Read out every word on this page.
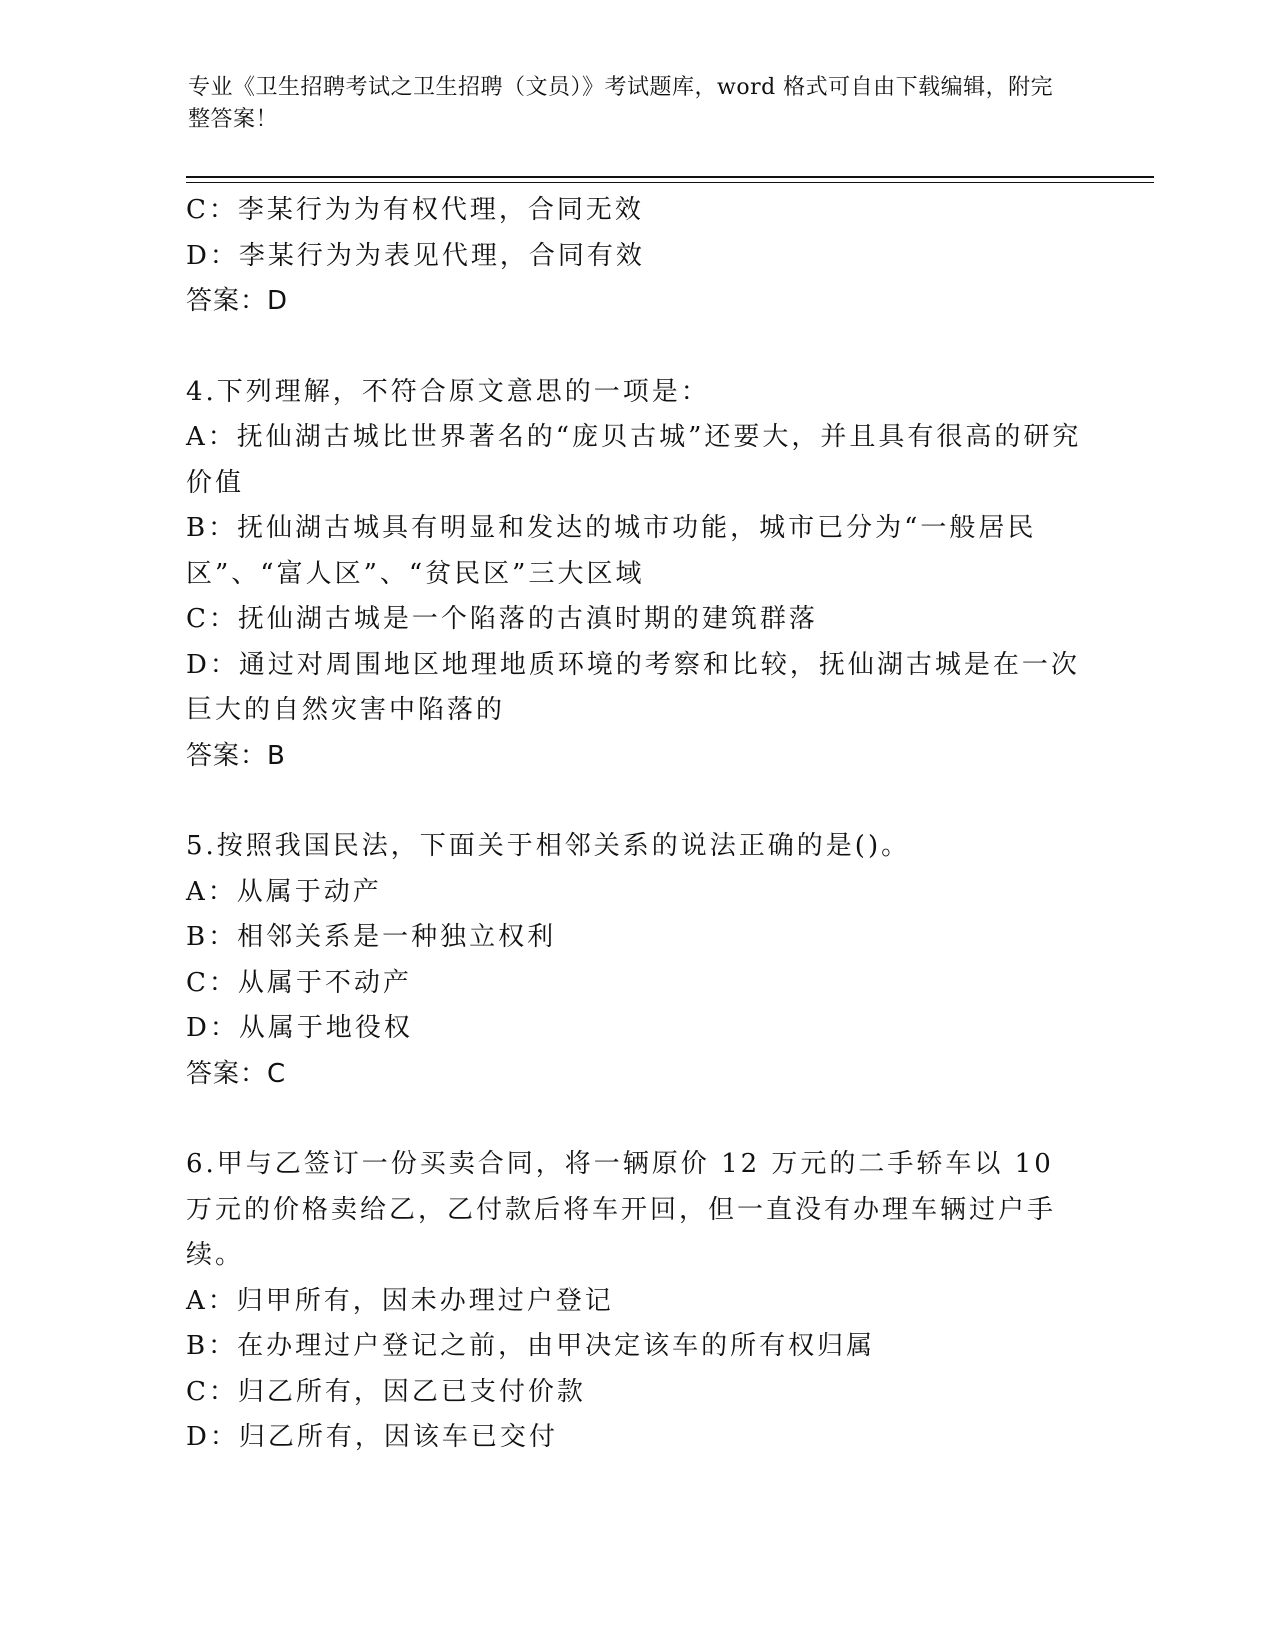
专业《卫生招聘考试之卫生招聘（文员）》考试题库，word 格式可自由下载编辑，附完整答案！

C：李某行为为有权代理，合同无效

D：李某行为为表见代理，合同有效

答案：D

4.下列理解，不符合原文意思的一项是：

A：抚仙湖古城比世界著名的“庞贝古城”还要大，并且具有很高的研究价值

B：抚仙湖古城具有明显和发达的城市功能，城市已分为“一般居民区”、“富人区”、“贫民区”三大区域

C：抚仙湖古城是一个陷落的古滇时期的建筑群落

D：通过对周围地区地理地质环境的考察和比较，抚仙湖古城是在一次巨大的自然灾害中陷落的

答案：B

5.按照我国民法，下面关于相邻关系的说法正确的是()。

A：从属于动产

B：相邻关系是一种独立权利

C：从属于不动产

D：从属于地役权

答案：C

6.甲与乙签订一份买卖合同，将一辆原价 12 万元的二手轿车以 10 万元的价格卖给乙，乙付款后将车开回，但一直没有办理车辆过户手续。

A：归甲所有，因未办理过户登记

B：在办理过户登记之前，由甲决定该车的所有权归属

C：归乙所有，因乙已支付价款

D：归乙所有，因该车已交付
